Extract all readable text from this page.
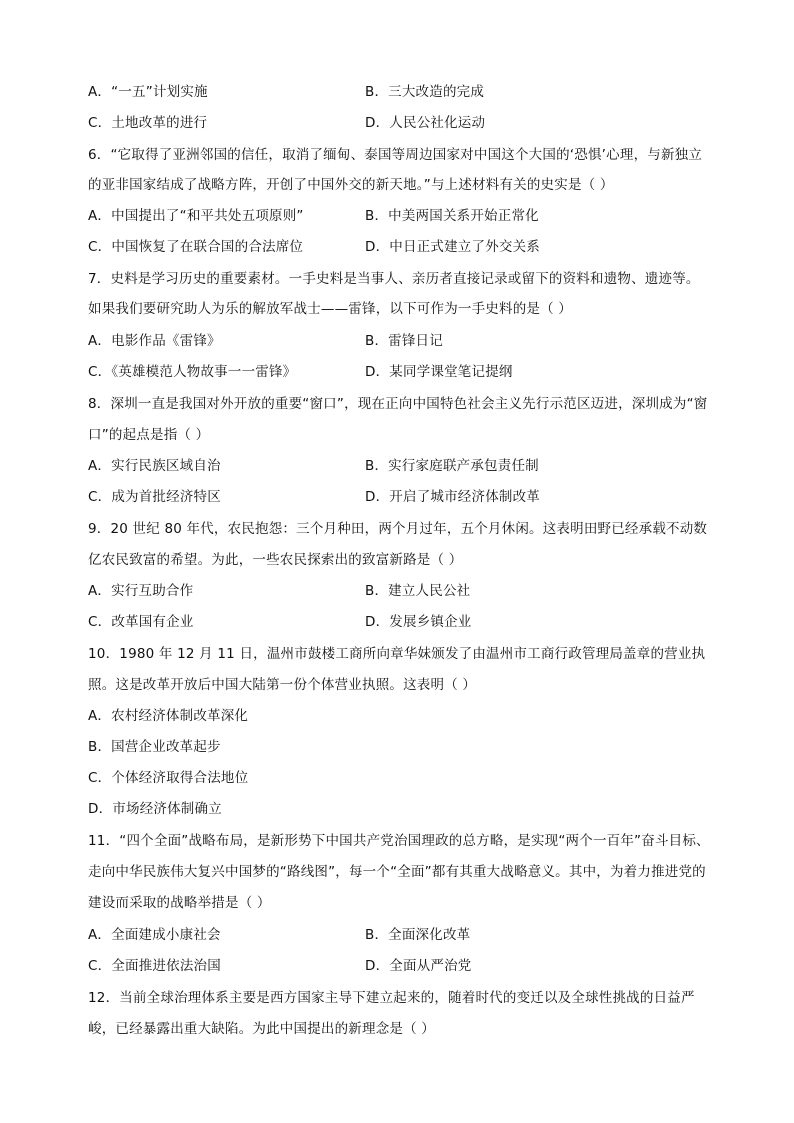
A．“一五”计划实施	B．三大改造的完成
C．土地改革的进行	D．人民公社化运动
6．“它取得了亚洲邻国的信任，取消了缅甸、泰国等周边国家对中国这个大国的‘恐惧’心理，与新独立
的亚非国家结成了战略方阵，开创了中国外交的新天地。”与上述材料有关的史实是（ ）
A．中国提出了“和平共处五项原则”	B．中美两国关系开始正常化
C．中国恢复了在联合国的合法席位	D．中日正式建立了外交关系
7．史料是学习历史的重要素材。一手史料是当事人、亲历者直接记录或留下的资料和遗物、遗迹等。
如果我们要研究助人为乐的解放军战士——雷锋，以下可作为一手史料的是（ ）
A．电影作品《雷锋》	B．雷锋日记
C．《英雄模范人物故事一一雷锋》	D．某同学课堂笔记提纲
8．深圳一直是我国对外开放的重要“窗口”，现在正向中国特色社会主义先行示范区迈进，深圳成为“窗
口”的起点是指（ ）
A．实行民族区域自治	B．实行家庭联产承包责任制
C．成为首批经济特区	D．开启了城市经济体制改革
9．20 世纪 80 年代，农民抱怨：三个月种田，两个月过年，五个月休闲。这表明田野已经承载不动数
亿农民致富的希望。为此，一些农民探索出的致富新路是（ ）
A．实行互助合作	B．建立人民公社
C．改革国有企业	D．发展乡镇企业
10．1980 年 12 月 11 日，温州市鼓楼工商所向章华妹颁发了由温州市工商行政管理局盖章的营业执
照。这是改革开放后中国大陆第一份个体营业执照。这表明（ ）
A．农村经济体制改革深化
B．国营企业改革起步
C．个体经济取得合法地位
D．市场经济体制确立
11．“四个全面”战略布局，是新形势下中国共产党治国理政的总方略，是实现“两个一百年”奋斗目标、
走向中华民族伟大复兴中国梦的“路线图”，每一个“全面”都有其重大战略意义。其中，为着力推进党的
建设而采取的战略举措是（ ）
A．全面建成小康社会	B．全面深化改革
C．全面推进依法治国	D．全面从严治党
12．当前全球治理体系主要是西方国家主导下建立起来的，随着时代的变迁以及全球性挑战的日益严
峻，已经暴露出重大缺陷。为此中国提出的新理念是（ ）
